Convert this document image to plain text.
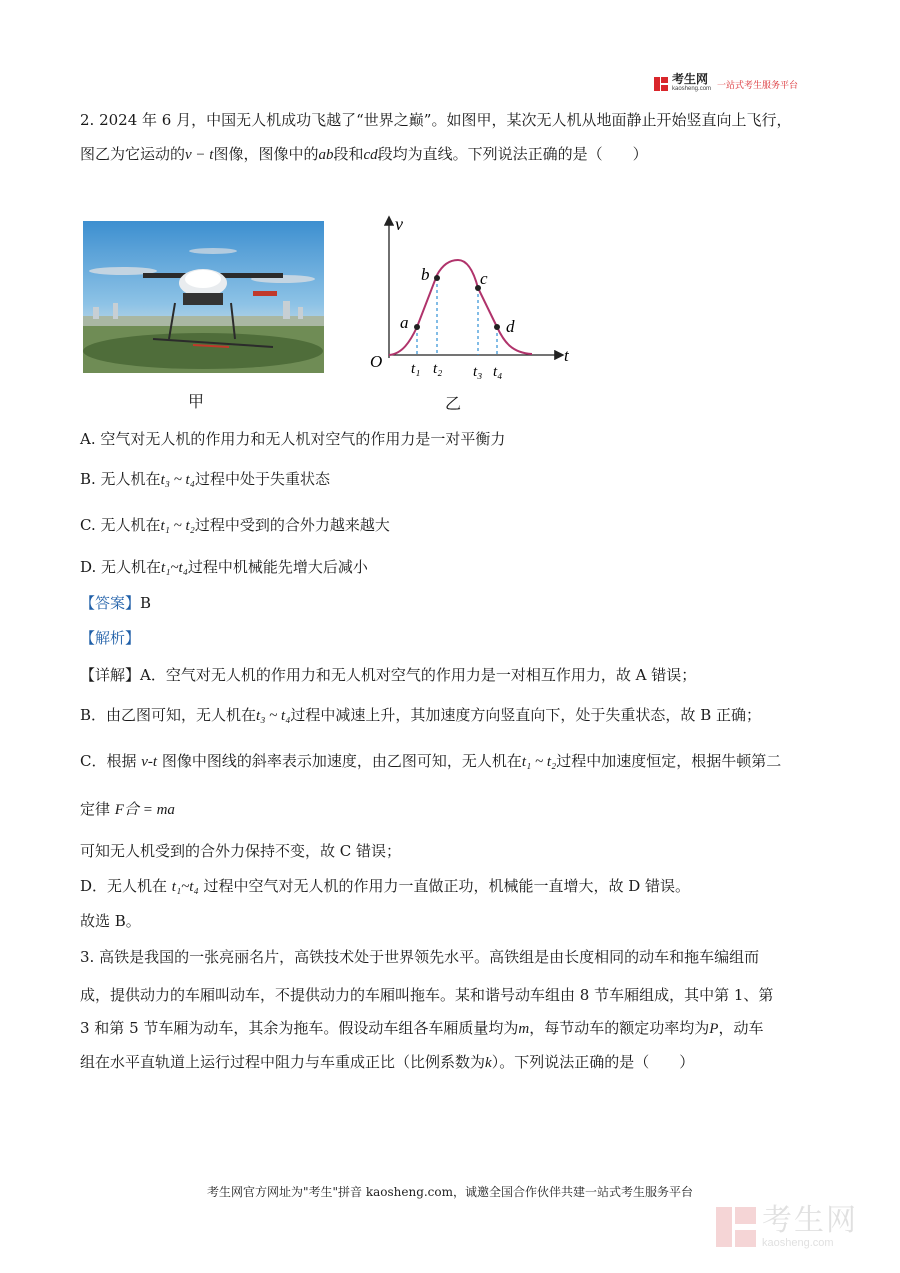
考生网
kaosheng.com 一站式考生服务平台
2. 2024 年 6 月，中国无人机成功飞越了“世界之巅”。如图甲，某次无人机从地面静止开始竖直向上飞行，
图乙为它运动的v − t图像，图像中的ab段和cd段均为直线。下列说法正确的是（　　）
甲
v
t
O
a
b	c
d
t₁ t₂ t₃ t₄
乙
A. 空气对无人机的作用力和无人机对空气的作用力是一对平衡力
B. 无人机在t₃ ~ t₄过程中处于失重状态
C. 无人机在t₁ ~ t₂过程中受到的合外力越来越大
D. 无人机在t₁~t₄过程中机械能先增大后减小
【答案】B
【解析】
【详解】A．空气对无人机的作用力和无人机对空气的作用力是一对相互作用力，故 A 错误；
B．由乙图可知，无人机在t₃ ~ t₄过程中减速上升，其加速度方向竖直向下，处于失重状态，故 B 正确；
C．根据 v-t 图像中图线的斜率表示加速度，由乙图可知，无人机在t₁ ~ t₂过程中加速度恒定，根据牛顿第二
定律 F合 = ma
可知无人机受到的合外力保持不变，故 C 错误；
D．无人机在 t₁~t₄ 过程中空气对无人机的作用力一直做正功，机械能一直增大，故 D 错误。
故选 B。
3. 高铁是我国的一张亮丽名片，高铁技术处于世界领先水平。高铁组是由长度相同的动车和拖车编组而
成，提供动力的车厢叫动车，不提供动力的车厢叫拖车。某和谐号动车组由 8 节车厢组成，其中第 1、第
3 和第 5 节车厢为动车，其余为拖车。假设动车组各车厢质量均为m，每节动车的额定功率均为P，动车
组在水平直轨道上运行过程中阻力与车重成正比（比例系数为k）。下列说法正确的是（　　）
考生网官方网址为"考生"拼音 kaosheng.com，诚邀全国合作伙伴共建一站式考生服务平台
考生网
kaosheng.com
